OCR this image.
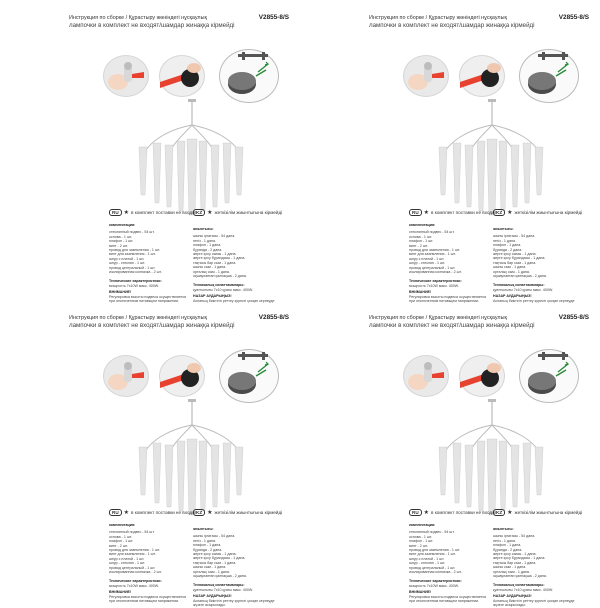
Инструкция по сборке / Құрастыру жөніндегі нұсқаулық	V2855-8/S
лампочки в комплект не входят/шамдар жинаққа кірмейді
RU ★ в комплект поставки не входят KZ ★ жеткізілім жиынтығына кірмейді
комплектация:
стеклянный подвес - 54 шт.
основа - 1 шт.
плафон - 1 шт.
винт - 2 шт.
провод для заземления - 1 шт.
винт для заземления - 1 шт.
шнур с платой - 1 шт.
шнур - стеклян - 1 шт.
провод центральный - 1 шт.
изолированная колпачка - 2 шт.
Технические характеристики:
мощность 7x10W макс. 400W.
ВНИМАНИЕ!
Регулировка высоты подвеса осуществляется при отключенном питающем напряжении.
жиынтығы:
шыны іргатасы - 54 дана.
негіз - 1 дана.
плафон - 1 дана.
бұранда - 2 дана.
жерге қосу сымы - 1 дана.
жерге қосу бұрандасы - 1 дана.
тақтасы бар сым - 1 дана.
шыны сым - 1 дана.
орталық сым - 1 дана.
оқшауланған қалпақша - 2 дана.
Техникалық сипаттамалары:
қуаттылығы 7x10 қуаты макс. 400W.
НАЗАР АУДАРЫҢЫЗ!
Аспаның биіктігін реттеу қоректі қосқан кернеуде
Инструкция по сборке / Құрастыру жөніндегі нұсқаулық	V2855-8/S
лампочки в комплект не входят/шамдар жинаққа кірмейді
RU ★ в комплект поставки не входят KZ ★ жеткізілім жиынтығына кірмейді
комплектация:
стеклянный подвес - 54 шт.
основа - 1 шт.
плафон - 1 шт.
винт - 2 шт.
провод для заземления - 1 шт.
винт для заземления - 1 шт.
шнур с платой - 1 шт.
шнур - стеклян - 1 шт.
провод центральный - 1 шт.
изолированная колпачка - 2 шт.
Технические характеристики:
мощность 7x10W макс. 400W.
ВНИМАНИЕ!
Регулировка высоты подвеса осуществляется при отключенном питающем напряжении.
жиынтығы:
шыны іргатасы - 54 дана.
негіз - 1 дана.
плафон - 1 дана.
бұранда - 2 дана.
жерге қосу сымы - 1 дана.
жерге қосу бұрандасы - 1 дана.
тақтасы бар сым - 1 дана.
шыны сым - 1 дана.
орталық сым - 1 дана.
оқшауланған қалпақша - 2 дана.
Техникалық сипаттамалары:
қуаттылығы 7x10 қуаты макс. 400W.
НАЗАР АУДАРЫҢЫЗ!
Аспаның биіктігін реттеу қоректі қосқан кернеуде
Инструкция по сборке / Құрастыру жөніндегі нұсқаулық	V2855-8/S
лампочки в комплект не входят/шамдар жинаққа кірмейді
RU ★ в комплект поставки не входят KZ ★ жеткізілім жиынтығына кірмейді
комплектация:
стеклянный подвес - 54 шт.
основа - 1 шт.
плафон - 1 шт.
винт - 2 шт.
провод для заземления - 1 шт.
винт для заземления - 1 шт.
шнур с платой - 1 шт.
шнур - стеклян - 1 шт.
провод центральный - 1 шт.
изолированная колпачка - 2 шт.
Технические характеристики:
мощность 7x10W макс. 400W.
ВНИМАНИЕ!
Регулировка высоты подвеса осуществляется при отключенном питающем напряжении.
жиынтығы:
шыны іргатасы - 54 дана.
негіз - 1 дана.
плафон - 1 дана.
бұранда - 2 дана.
жерге қосу сымы - 1 дана.
жерге қосу бұрандасы - 1 дана.
тақтасы бар сым - 1 дана.
шыны сым - 1 дана.
орталық сым - 1 дана.
оқшауланған қалпақша - 2 дана.
Техникалық сипаттамалары:
қуаттылығы 7x10 қуаты макс. 400W.
НАЗАР АУДАРЫҢЫЗ!
Аспаның биіктігін реттеу қоректі қосқан кернеуде жүзеге асырылады.
Инструкция по сборке / Құрастыру жөніндегі нұсқаулық	V2855-8/S
лампочки в комплект не входят/шамдар жинаққа кірмейді
RU ★ в комплект поставки не входят KZ ★ жеткізілім жиынтығына кірмейді
комплектация:
стеклянный подвес - 54 шт.
основа - 1 шт.
плафон - 1 шт.
винт - 2 шт.
провод для заземления - 1 шт.
винт для заземления - 1 шт.
шнур с платой - 1 шт.
шнур - стеклян - 1 шт.
провод центральный - 1 шт.
изолированная колпачка - 2 шт.
Технические характеристики:
мощность 7x10W макс. 400W.
ВНИМАНИЕ!
Регулировка высоты подвеса осуществляется при отключенном питающем напряжении.
жиынтығы:
шыны іргатасы - 54 дана.
негіз - 1 дана.
плафон - 1 дана.
бұранда - 2 дана.
жерге қосу сымы - 1 дана.
жерге қосу бұрандасы - 1 дана.
тақтасы бар сым - 1 дана.
шыны сым - 1 дана.
орталық сым - 1 дана.
оқшауланған қалпақша - 2 дана.
Техникалық сипаттамалары:
қуаттылығы 7x10 қуаты макс. 400W.
НАЗАР АУДАРЫҢЫЗ!
Аспаның биіктігін реттеу қоректі қосқан кернеуде жүзеге асырылады.
